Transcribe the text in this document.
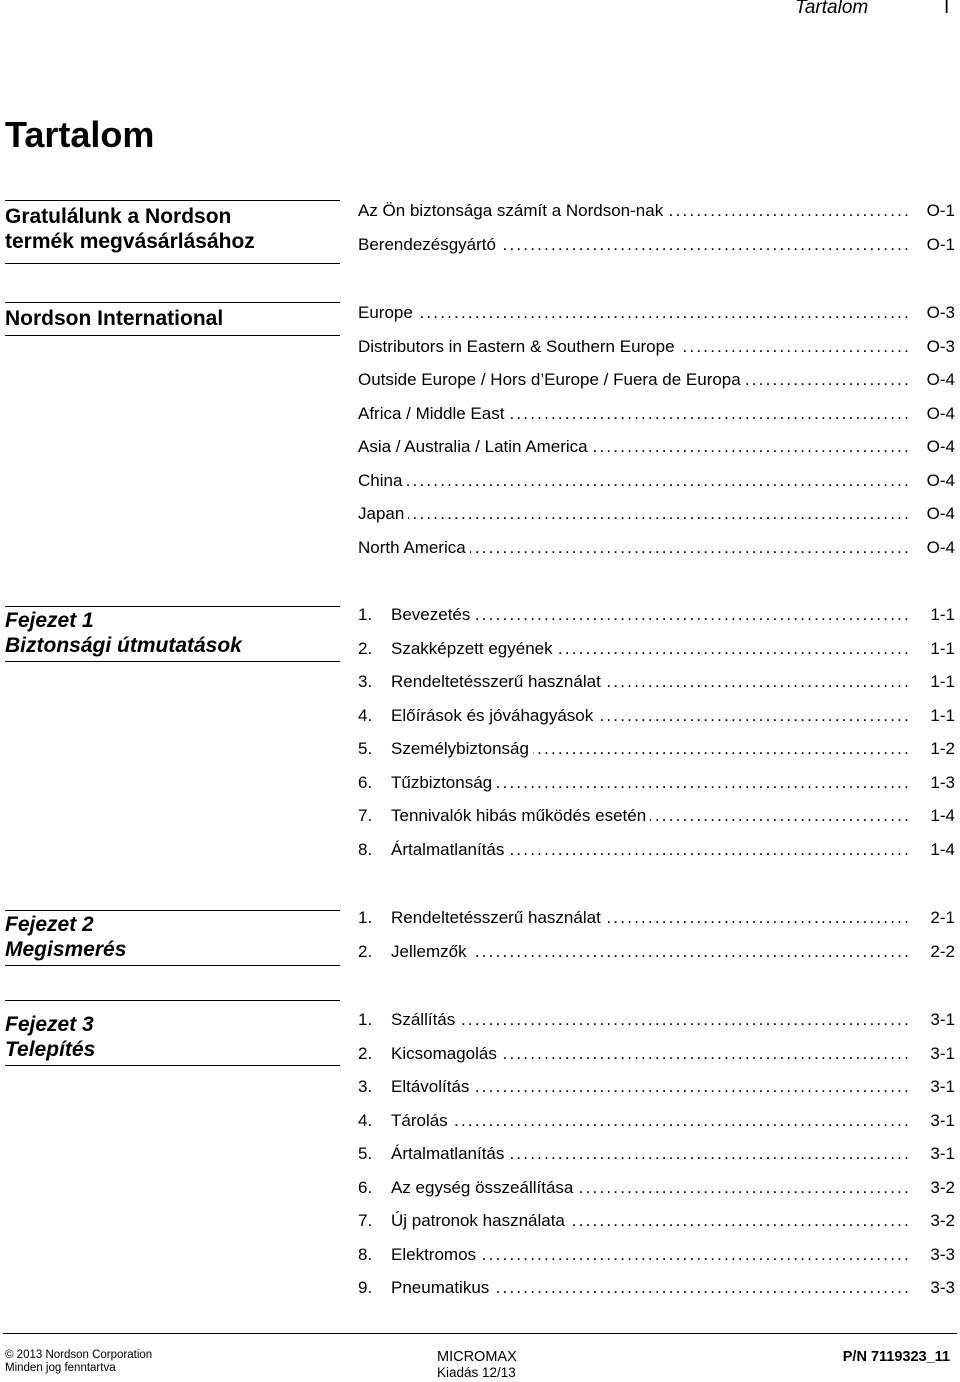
Tartalom	I
Tartalom
Gratulálunk a Nordson
termék megvásárlásához
Az Ön biztonsága számít a Nordson-nak .....	O-1
Berendezésgyártó .....	O-1
Nordson International	Europe .....	O-3
Distributors in Eastern & Southern Europe .....	O-3
Outside Europe / Hors d’Europe / Fuera de Europa .....	O-4
Africa / Middle East .....	O-4
Asia / Australia / Latin America .....	O-4
China .....	O-4
Japan .....	O-4
North America .....	O-4
Fejezet 1
Biztonsági útmutatások
1.	Bevezetés .....	1-1
2.	Szakképzett egyének .....	1-1
3.	Rendeltetésszerű használat .....	1-1
4.	Előírások és jóváhagyások .....	1-1
5.	Személybiztonság .....	1-2
6.	Tűzbiztonság .....	1-3
7.	Tennivalók hibás működés esetén .....	1-4
8.	Ártalmatlanítás .....	1-4
Fejezet 2
Megismerés
1.	Rendeltetésszerű használat .....	2-1
2.	Jellemzők .....	2-2
Fejezet 3
Telepítés
1.	Szállítás .....	3-1
2.	Kicsomagolás .....	3-1
3.	Eltávolítás .....	3-1
4.	Tárolás .....	3-1
5.	Ártalmatlanítás .....	3-1
6.	Az egység összeállítása .....	3-2
7.	Új patronok használata .....	3-2
8.	Elektromos .....	3-3
9.	Pneumatikus .....	3-3
© 2013 Nordson Corporation
Minden jog fenntartva
MICROMAX
Kiadás 12/13
P/N 7119323_11
